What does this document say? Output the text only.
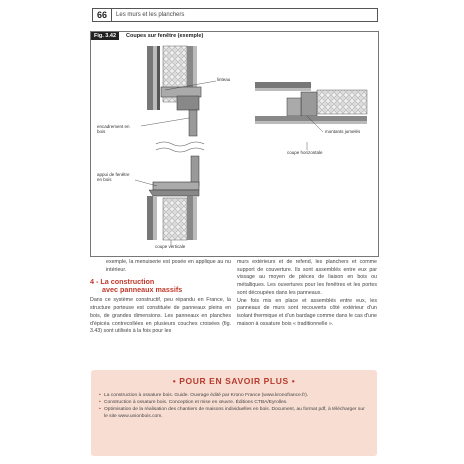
66	Les murs et les planchers
Fig. 3.42	Coupes sur fenêtre (exemple)
linteau
encadrement en bois
appui de fenêtre en bois
coupe verticale
montants jumelés
coupe horizontale

exemple, la menuiserie est posée en applique au nu intérieur.

4 - La construction
avec panneaux massifs

Dans ce système constructif, peu répandu en France, la structure porteuse est constituée de panneaux pleins en bois, de grandes dimensions. Les panneaux en planches d'épicéa contrecollées en plusieurs couches croisées (fig. 3.43) sont utilisés à la fois pour les

murs extérieurs et de refend, les planchers et comme support de couverture. Ils sont assemblés entre eux par vissage au moyen de pièces de liaison en bois ou métalliques. Les ouvertures pour les fenêtres et les portes sont découpées dans les panneaux.

Une fois mis en place et assemblés entre eux, les panneaux de murs sont recouverts côté extérieur d'un isolant thermique et d'un bardage comme dans le cas d'une maison à ossature bois « traditionnelle ».

• POUR EN SAVOIR PLUS •
• La construction à ossature bois. Guide. Ouvrage édité par Krono France (www.kronofrance.fr).
• Construction à ossature bois. Conception et mise en œuvre. Éditions CTBA/Eyrolles.
• Optimisation de la réalisation des chantiers de maisons individuelles en bois. Document, au format pdf, à télécharger sur le site www.unionbois.com.
